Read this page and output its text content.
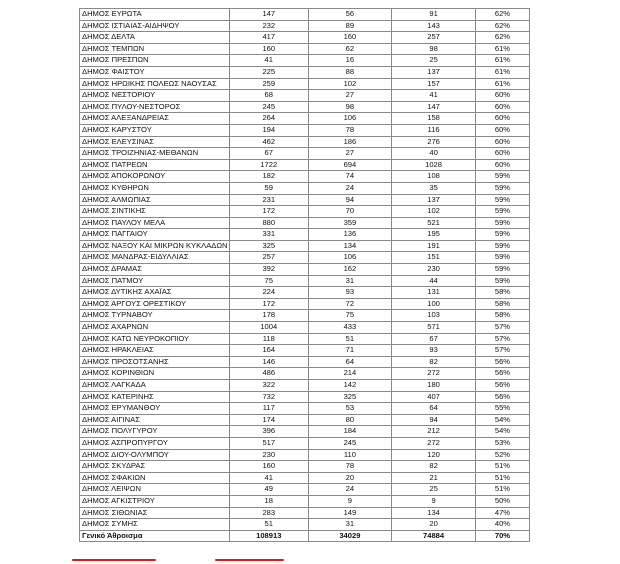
ΔΗΜΟΣ ΕΥΡΩΤΑ	147	56	91	62%
ΔΗΜΟΣ ΙΣΤΙΑΙΑΣ-ΑΙΔΗΨΟΥ	232	89	143	62%
ΔΗΜΟΣ ΔΕΛΤΑ	417	160	257	62%
ΔΗΜΟΣ ΤΕΜΠΩΝ	160	62	98	61%
ΔΗΜΟΣ ΠΡΕΣΠΩΝ	41	16	25	61%
ΔΗΜΟΣ ΦΑΙΣΤΟΥ	225	88	137	61%
ΔΗΜΟΣ ΗΡΩΙΚΗΣ ΠΟΛΕΩΣ ΝΑΟΥΣΑΣ	259	102	157	61%
ΔΗΜΟΣ ΝΕΣΤΟΡΙΟΥ	68	27	41	60%
ΔΗΜΟΣ ΠΥΛΟΥ-ΝΕΣΤΟΡΟΣ	245	98	147	60%
ΔΗΜΟΣ ΑΛΕΞΑΝΔΡΕΙΑΣ	264	106	158	60%
ΔΗΜΟΣ ΚΑΡΥΣΤΟΥ	194	78	116	60%
ΔΗΜΟΣ ΕΛΕΥΣΙΝΑΣ	462	186	276	60%
ΔΗΜΟΣ ΤΡΟΙΖΗΝΙΑΣ-ΜΕΘΑΝΩΝ	67	27	40	60%
ΔΗΜΟΣ ΠΑΤΡΕΩΝ	1722	694	1028	60%
ΔΗΜΟΣ ΑΠΟΚΟΡΩΝΟΥ	182	74	108	59%
ΔΗΜΟΣ ΚΥΘΗΡΩΝ	59	24	35	59%
ΔΗΜΟΣ ΑΛΜΩΠΙΑΣ	231	94	137	59%
ΔΗΜΟΣ ΣΙΝΤΙΚΗΣ	172	70	102	59%
ΔΗΜΟΣ ΠΑΥΛΟΥ ΜΕΛΑ	880	359	521	59%
ΔΗΜΟΣ ΠΑΓΓΑΙΟΥ	331	136	195	59%
ΔΗΜΟΣ ΝΑΞΟΥ ΚΑΙ ΜΙΚΡΩΝ ΚΥΚΛΑΔΩΝ	325	134	191	59%
ΔΗΜΟΣ ΜΑΝΔΡΑΣ-ΕΙΔΥΛΛΙΑΣ	257	106	151	59%
ΔΗΜΟΣ ΔΡΑΜΑΣ	392	162	230	59%
ΔΗΜΟΣ ΠΑΤΜΟΥ	75	31	44	59%
ΔΗΜΟΣ ΔΥΤΙΚΗΣ ΑΧΑΪΑΣ	224	93	131	58%
ΔΗΜΟΣ ΑΡΓΟΥΣ ΟΡΕΣΤΙΚΟΥ	172	72	100	58%
ΔΗΜΟΣ ΤΥΡΝΑΒΟΥ	178	75	103	58%
ΔΗΜΟΣ ΑΧΑΡΝΩΝ	1004	433	571	57%
ΔΗΜΟΣ ΚΑΤΩ ΝΕΥΡΟΚΟΠΙΟΥ	118	51	67	57%
ΔΗΜΟΣ ΗΡΑΚΛΕΙΑΣ	164	71	93	57%
ΔΗΜΟΣ ΠΡΟΣΟΤΣΑΝΗΣ	146	64	82	56%
ΔΗΜΟΣ ΚΟΡΙΝΘΙΩΝ	486	214	272	56%
ΔΗΜΟΣ ΛΑΓΚΑΔΑ	322	142	180	56%
ΔΗΜΟΣ ΚΑΤΕΡΙΝΗΣ	732	325	407	56%
ΔΗΜΟΣ ΕΡΥΜΑΝΘΟΥ	117	53	64	55%
ΔΗΜΟΣ ΑΙΓΙΝΑΣ	174	80	94	54%
ΔΗΜΟΣ ΠΟΛΥΓΥΡΟΥ	396	184	212	54%
ΔΗΜΟΣ ΑΣΠΡΟΠΥΡΓΟΥ	517	245	272	53%
ΔΗΜΟΣ ΔΙΟΥ-ΟΛΥΜΠΟΥ	230	110	120	52%
ΔΗΜΟΣ ΣΚΥΔΡΑΣ	160	78	82	51%
ΔΗΜΟΣ ΣΦΑΚΙΩΝ	41	20	21	51%
ΔΗΜΟΣ ΛΕΙΨΩΝ	49	24	25	51%
ΔΗΜΟΣ ΑΓΚΙΣΤΡΙΟΥ	18	9	9	50%
ΔΗΜΟΣ ΣΙΘΩΝΙΑΣ	283	149	134	47%
ΔΗΜΟΣ ΣΥΜΗΣ	51	31	20	40%
Γενικό Άθροισμα	108913	34029	74884	70%
